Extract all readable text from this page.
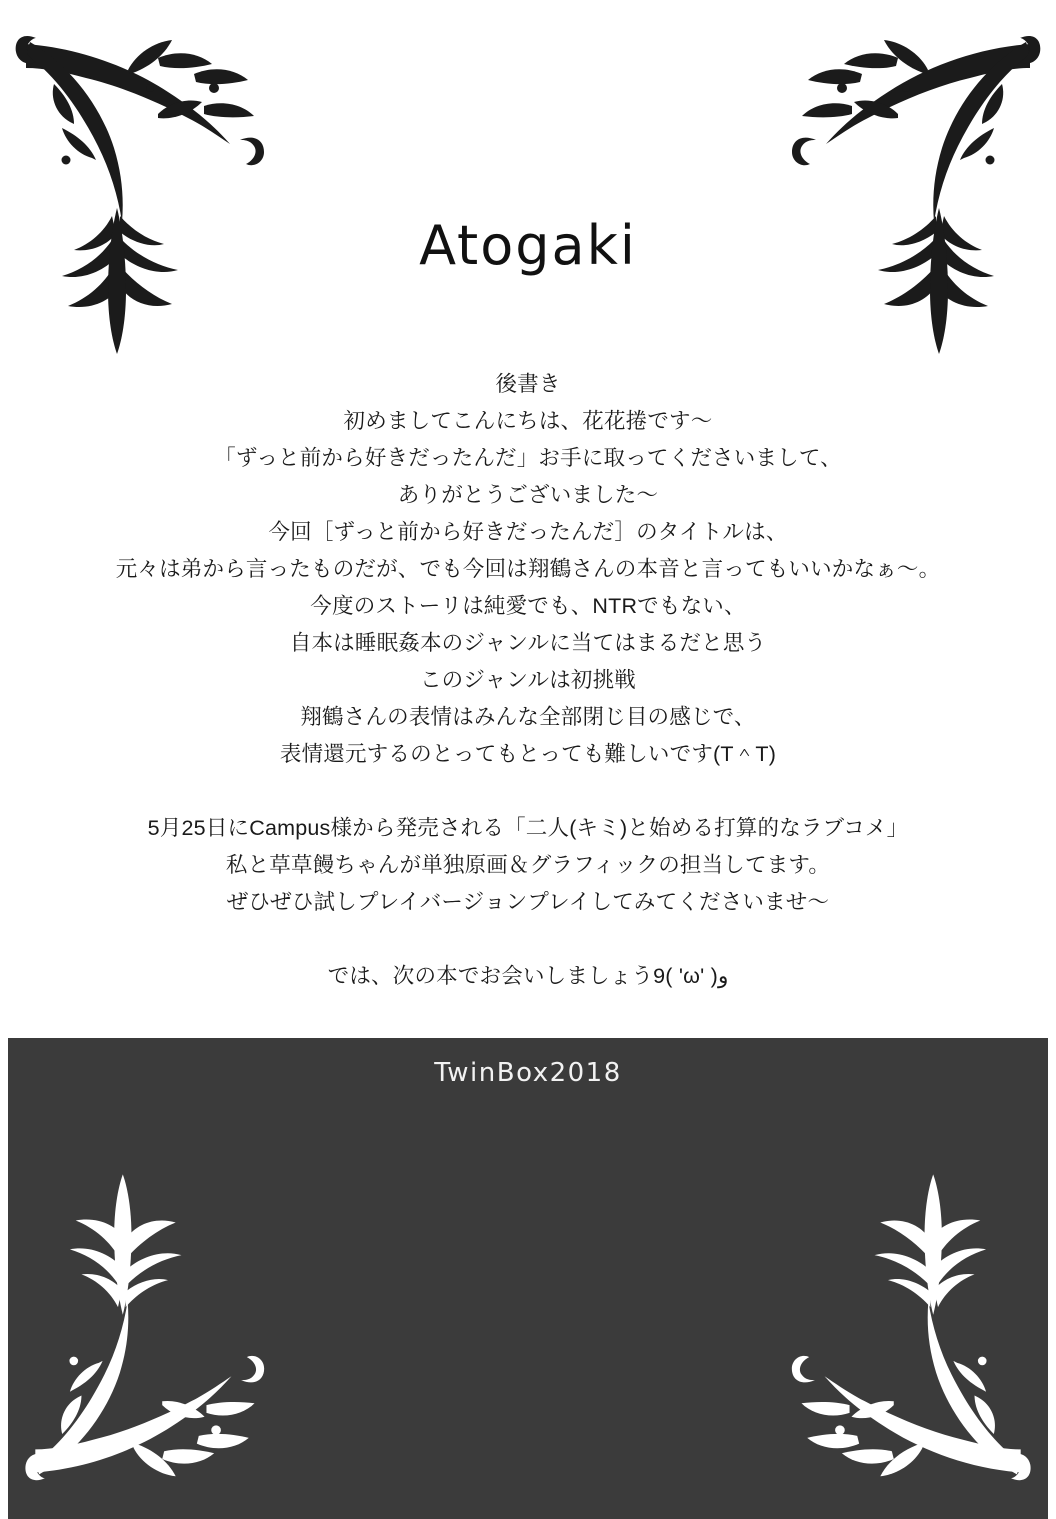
Atogaki

後書き

初めましてこんにちは、花花捲です〜

「ずっと前から好きだったんだ」お手に取ってくださいまして、

ありがとうございました〜

今回［ずっと前から好きだったんだ］のタイトルは、

元々は弟から言ったものだが、でも今回は翔鶴さんの本音と言ってもいいかなぁ〜。

今度のストーリは純愛でも、NTRでもない、

自本は睡眠姦本のジャンルに当てはまるだと思う

このジャンルは初挑戦

翔鶴さんの表情はみんな全部閉じ目の感じで、

表情還元するのとってもとっても難しいです(T＾T)

5月25日にCampus様から発売される「二人(キミ)と始める打算的なラブコメ」

私と草草饅ちゃんが単独原画＆グラフィックの担当してます。

ぜひぜひ試しプレイバージョンプレイしてみてくださいませ〜

では、次の本でお会いしましょう9( 'ω' )و

TwinBox2018
